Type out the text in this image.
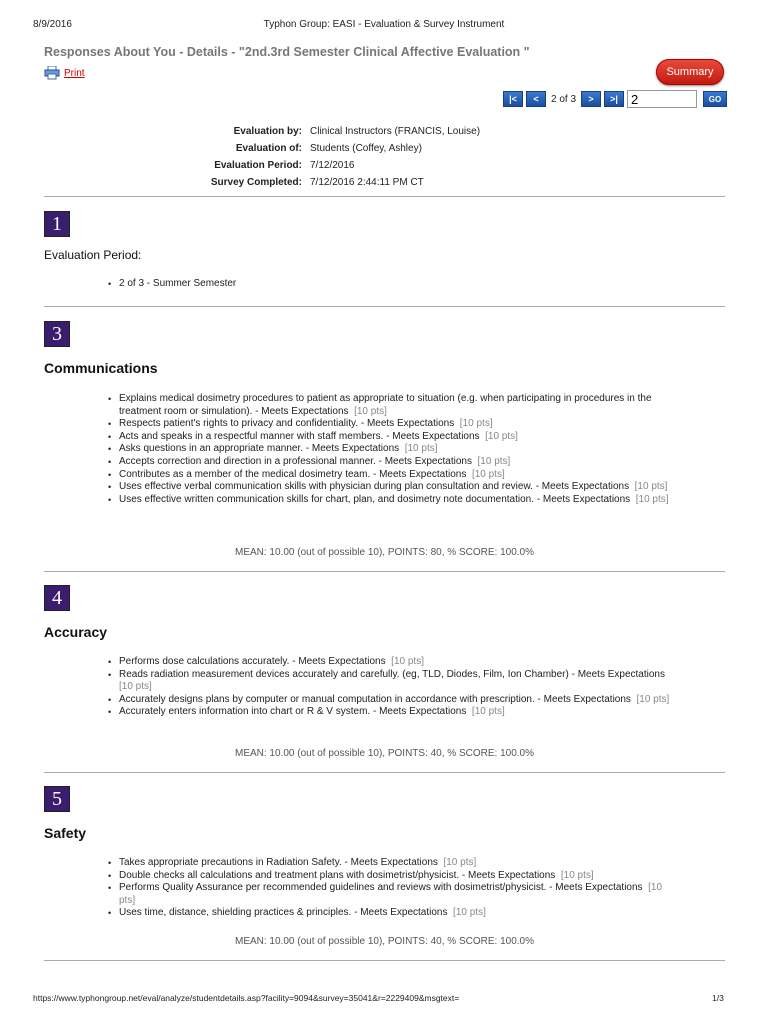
8/9/2016	Typhon Group: EASI - Evaluation & Survey Instrument
Responses About You - Details - "2nd.3rd Semester Clinical Affective Evaluation "
Print	Summary
|<	<	2 of 3	>	>|
2	GO
Evaluation by: Clinical Instructors (FRANCIS, Louise)
Evaluation of: Students (Coffey, Ashley)
Evaluation Period: 7/12/2016
Survey Completed: 7/12/2016 2:44:11 PM CT
1
Evaluation Period:
• 2 of 3 - Summer Semester
3
Communications
• Explains medical dosimetry procedures to patient as appropriate to situation (e.g. when participating in procedures in the treatment room or simulation). - Meets Expectations [10 pts]
• Respects patient's rights to privacy and confidentiality. - Meets Expectations [10 pts]
• Acts and speaks in a respectful manner with staff members. - Meets Expectations [10 pts]
• Asks questions in an appropriate manner. - Meets Expectations [10 pts]
• Accepts correction and direction in a professional manner. - Meets Expectations [10 pts]
• Contributes as a member of the medical dosimetry team. - Meets Expectations [10 pts]
• Uses effective verbal communication skills with physician during plan consultation and review. - Meets Expectations [10 pts]
• Uses effective written communication skills for chart, plan, and dosimetry note documentation. - Meets Expectations [10 pts]
MEAN: 10.00 (out of possible 10), POINTS: 80, % SCORE: 100.0%
4
Accuracy
• Performs dose calculations accurately. - Meets Expectations [10 pts]
• Reads radiation measurement devices accurately and carefully. (eg, TLD, Diodes, Film, Ion Chamber) - Meets Expectations  [10 pts]
• Accurately designs plans by computer or manual computation in accordance with prescription. - Meets Expectations [10 pts]
• Accurately enters information into chart or R & V system. - Meets Expectations [10 pts]
MEAN: 10.00 (out of possible 10), POINTS: 40, % SCORE: 100.0%
5
Safety
• Takes appropriate precautions in Radiation Safety. - Meets Expectations [10 pts]
• Double checks all calculations and treatment plans with dosimetrist/physicist. - Meets Expectations [10 pts]
• Performs Quality Assurance per recommended guidelines and reviews with dosimetrist/physicist. - Meets Expectations [10 pts]
• Uses time, distance, shielding practices & principles. - Meets Expectations [10 pts]
MEAN: 10.00 (out of possible 10), POINTS: 40, % SCORE: 100.0%
https://www.typhongroup.net/eval/analyze/studentdetails.asp?facility=9094&survey=35041&r=2229409&msgtext=	1/3
